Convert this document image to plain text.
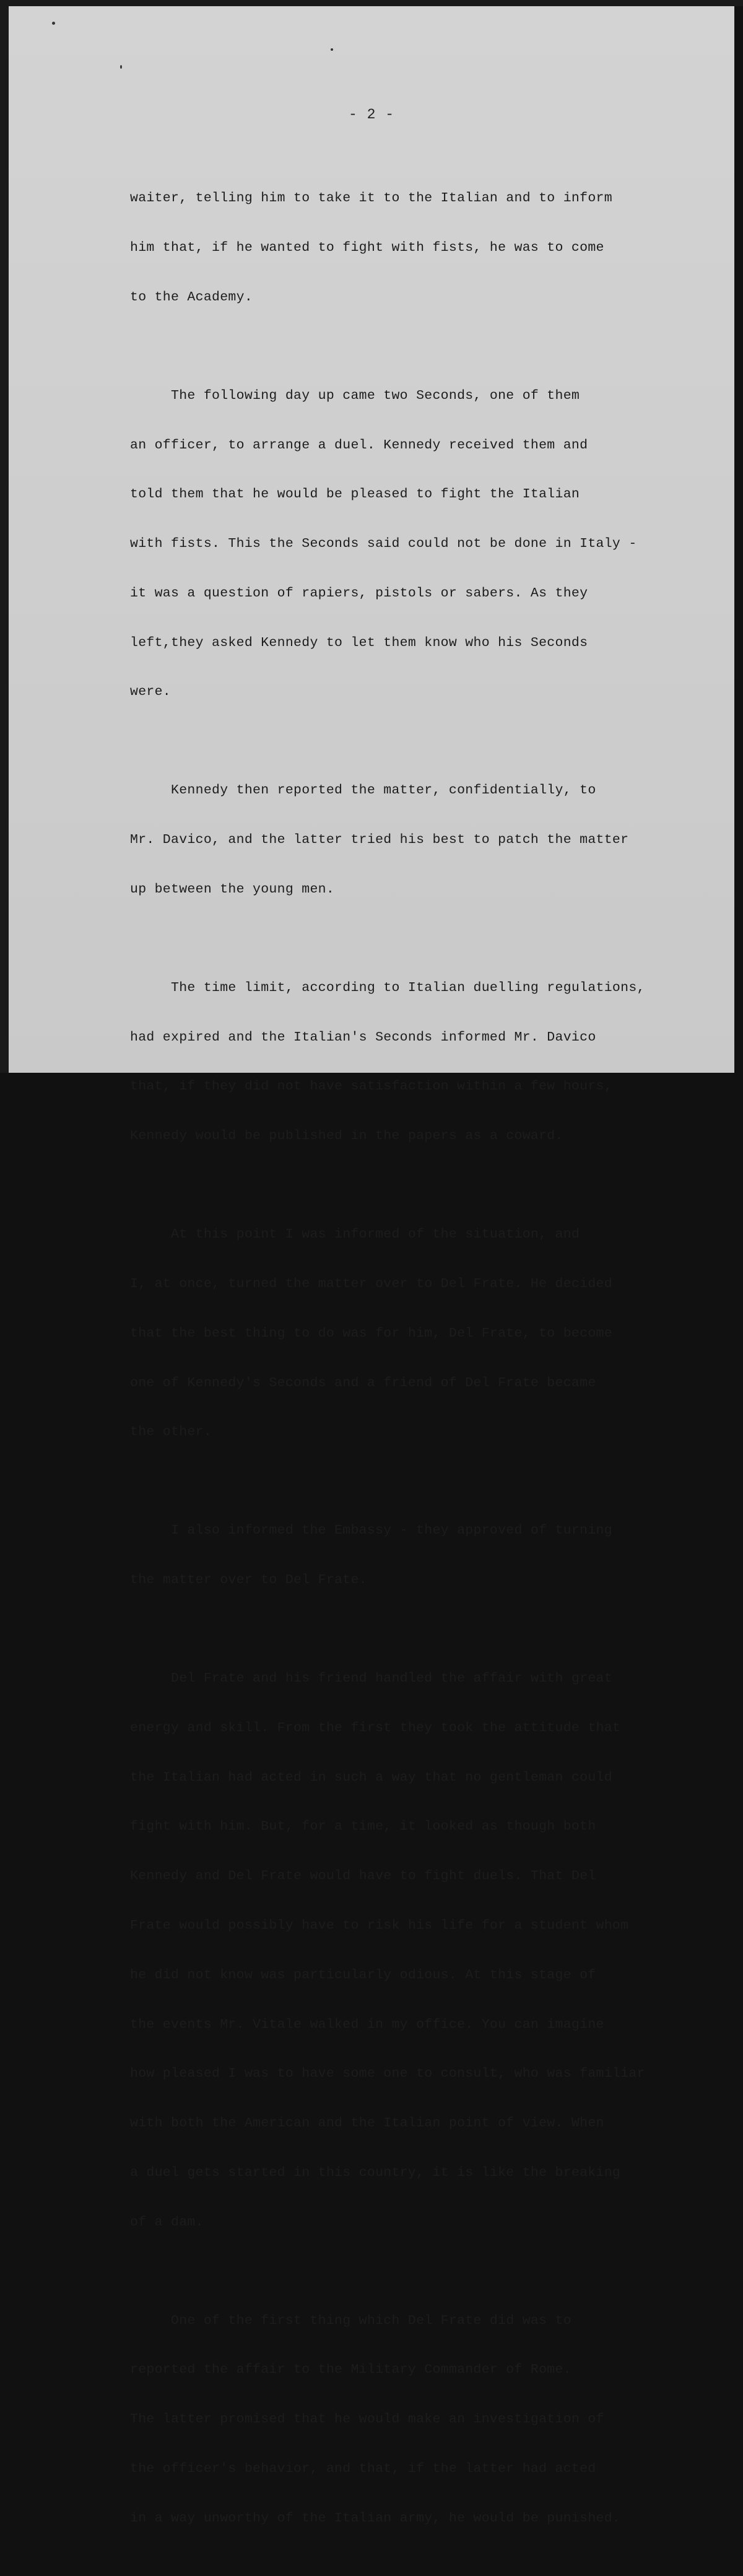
- 2 -

waiter, telling him to take it to the Italian and to inform

him that, if he wanted to fight with fists, he was to come

to the Academy.

The following day up came two Seconds, one of them

an officer, to arrange a duel. Kennedy received them and

told them that he would be pleased to fight the Italian

with fists. This the Seconds said could not be done in Italy -

it was a question of rapiers, pistols or sabers. As they

left,they asked Kennedy to let them know who his Seconds

were.

Kennedy then reported the matter, confidentially, to

Mr. Davico, and the latter tried his best to patch the matter

up between the young men.

The time limit, according to Italian duelling regulations,

had expired and the Italian's Seconds informed Mr. Davico

that, if they did not have satisfaction within a few hours,

Kennedy would be published in the papers as a coward.

At this point I was informed of the situation, and

I, at once, turned the matter over to Del Frate. He decided

that the best thing to do was for him, Del Frate, to become

one of Kennedy's Seconds and a friend of Del Frate became

the other.

I also informed the Embassy - they approved of turning

the matter over to Del Frate.

Del Frate and his friend handled the affair with great

energy and skill. From the first they took the attitude that

the Italian had acted in such a way that no gentleman could

fight with him. But, for a time, it looked as though both

Kennedy and Del Frate would have to fight duels. That Del

Frate would possibly have to risk his life for a student whom

he did not know was particularly odious. At this stage of

the events Mr. Vitale walked in my office. You can imagine

how pleased I was to have some one to consult, who was familiar

with both the American and the Italian point of view. When

a duel gets started in this country, it is like the breaking

of a dam.

One of the first thing which Del Frate did was to

reported the affair to the Military Commander of Rome.

The latter promised that he would make an investigation of

the officer's behavior, and that, if the latter had acted

in a way unworthy of the Italian army, he would be punished.
